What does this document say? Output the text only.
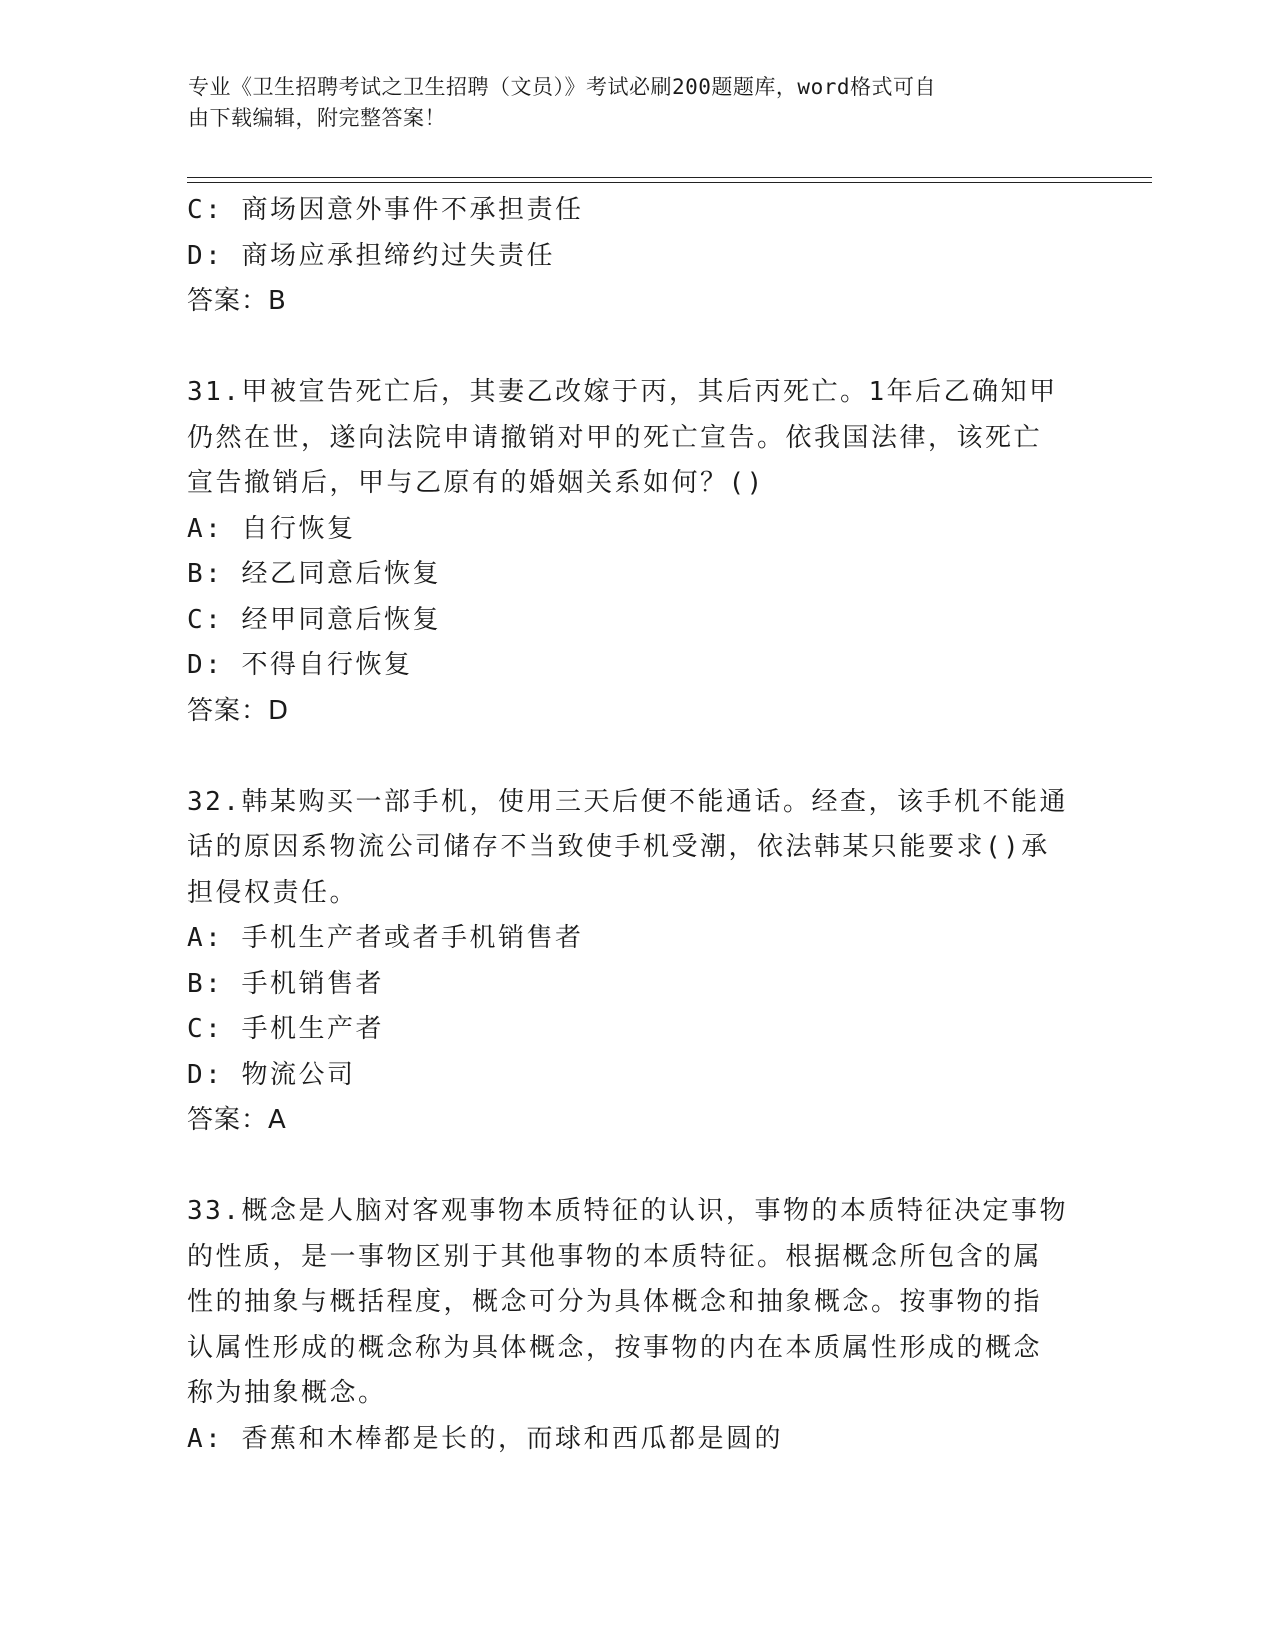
专业《卫生招聘考试之卫生招聘（文员）》考试必刷200题题库，word格式可自
由下载编辑，附完整答案！

C: 商场因意外事件不承担责任

D: 商场应承担缔约过失责任

答案：B

31.甲被宣告死亡后，其妻乙改嫁于丙，其后丙死亡。1年后乙确知甲

仍然在世，遂向法院申请撤销对甲的死亡宣告。依我国法律，该死亡

宣告撤销后，甲与乙原有的婚姻关系如何？()

A: 自行恢复

B: 经乙同意后恢复

C: 经甲同意后恢复

D: 不得自行恢复

答案：D

32.韩某购买一部手机，使用三天后便不能通话。经查，该手机不能通

话的原因系物流公司储存不当致使手机受潮，依法韩某只能要求()承

担侵权责任。

A: 手机生产者或者手机销售者

B: 手机销售者

C: 手机生产者

D: 物流公司

答案：A

33.概念是人脑对客观事物本质特征的认识，事物的本质特征决定事物

的性质，是一事物区别于其他事物的本质特征。根据概念所包含的属

性的抽象与概括程度，概念可分为具体概念和抽象概念。按事物的指

认属性形成的概念称为具体概念，按事物的内在本质属性形成的概念

称为抽象概念。

A: 香蕉和木棒都是长的，而球和西瓜都是圆的
